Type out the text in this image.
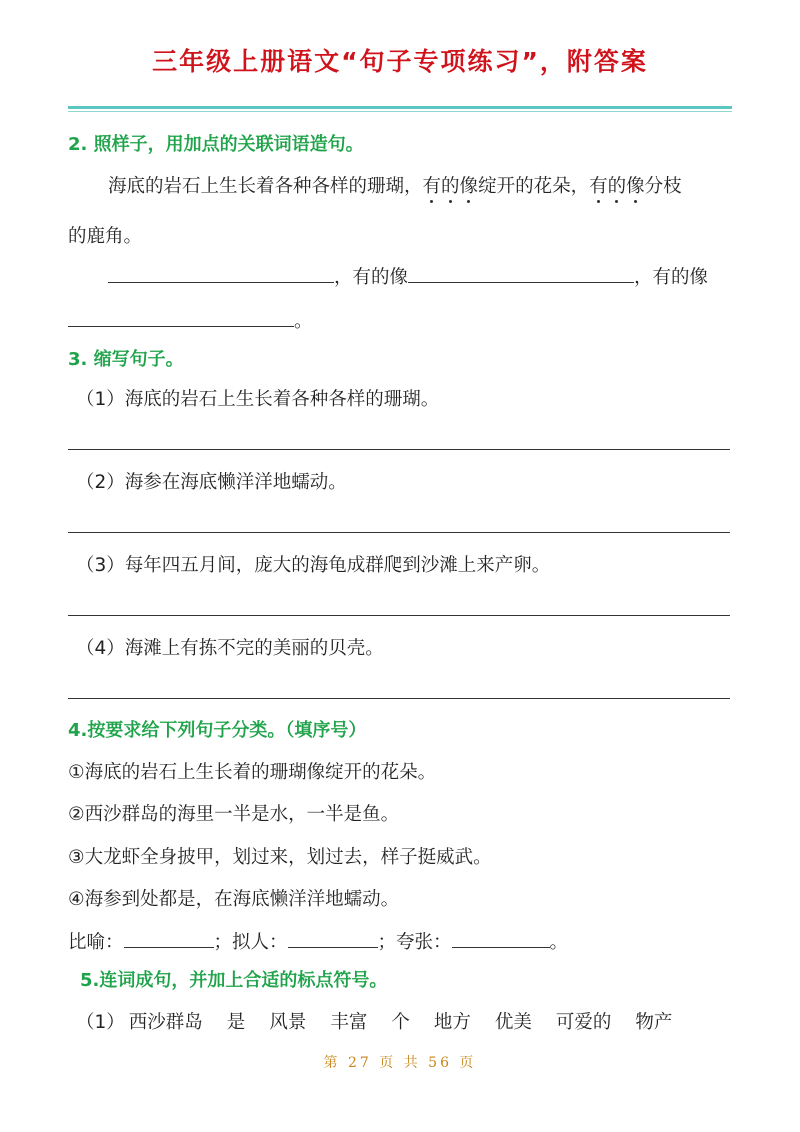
三年级上册语文“句子专项练习”，附答案
2. 照样子，用加点的关联词语造句。
海底的岩石上生长着各种各样的珊瑚，有的像绽开的花朵，有的像分枝
的鹿角。
，有的像	，有的像
。
3. 缩写句子。
（1）海底的岩石上生长着各种各样的珊瑚。
（2）海参在海底懒洋洋地蠕动。
（3）每年四五月间，庞大的海龟成群爬到沙滩上来产卵。
（4）海滩上有拣不完的美丽的贝壳。
4.按要求给下列句子分类。（填序号）
①海底的岩石上生长着的珊瑚像绽开的花朵。
②西沙群岛的海里一半是水，一半是鱼。
③大龙虾全身披甲，划过来，划过去，样子挺威武。
④海参到处都是，在海底懒洋洋地蠕动。
比喻：	；拟人：	；夸张：	。
5.连词成句，并加上合适的标点符号。
（1） 西沙群岛 是 风景 丰富 个 地方 优美 可爱的 物产
第 27 页 共 56 页
